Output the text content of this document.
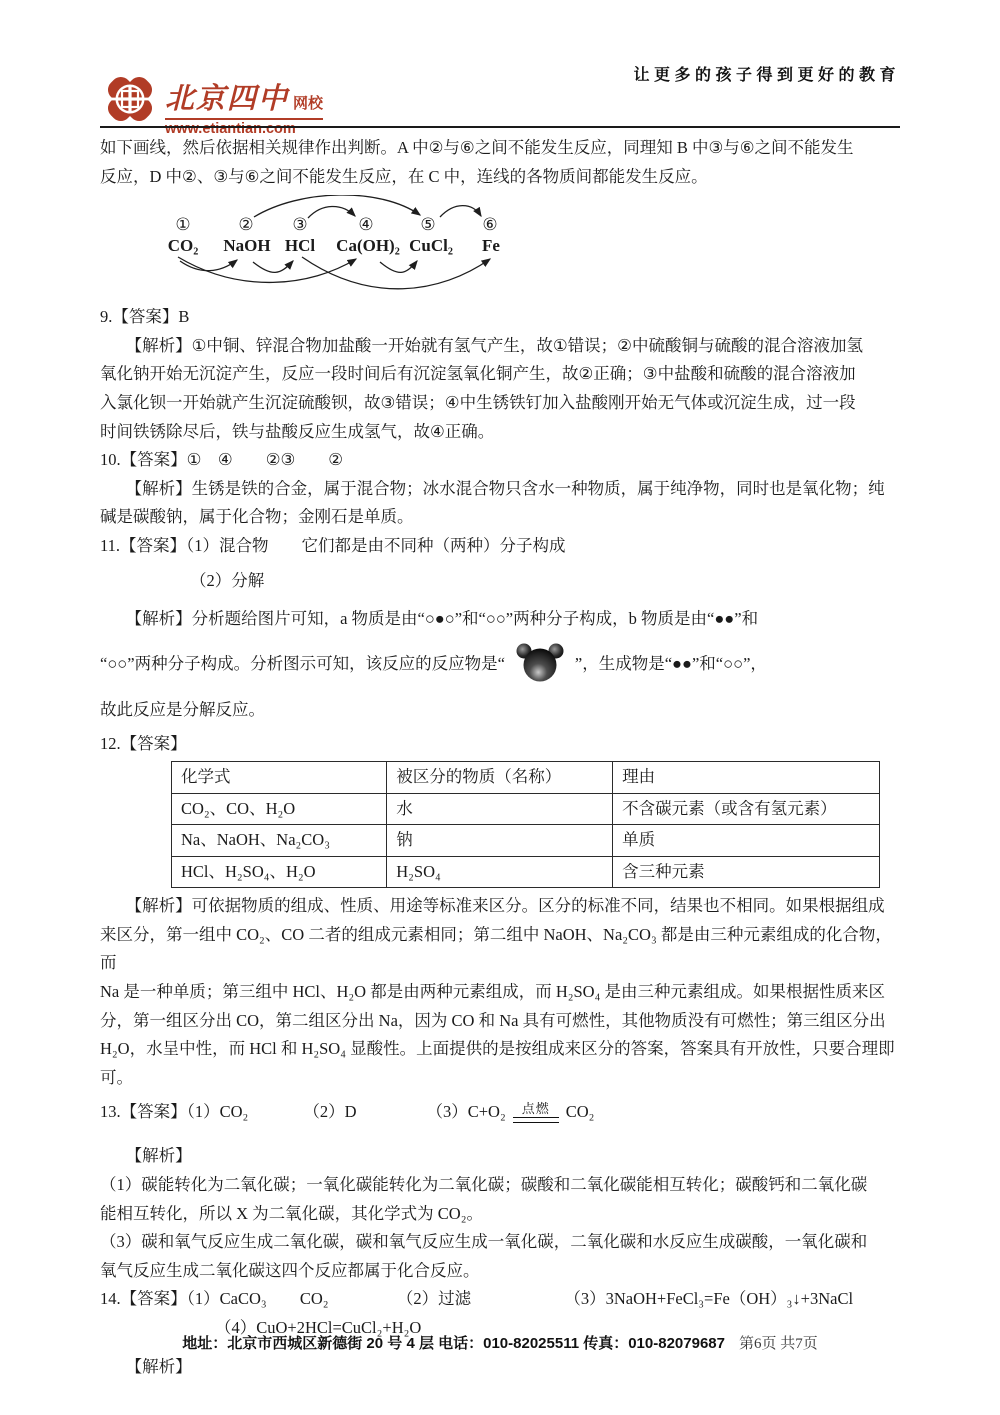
北京四中 网校
www.etiantian.com
让更多的孩子得到更好的教育
如下画线，然后依据相关规律作出判断。A 中②与⑥之间不能发生反应，同理知 B 中③与⑥之间不能发生
反应，D 中②、③与⑥之间不能发生反应，在 C 中，连线的各物质间都能发生反应。
①	② ③	④	⑤	⑥
CO₂ NaOH HCl Ca(OH)₂ CuCl₂ Fe
9.【答案】B
【解析】①中铜、锌混合物加盐酸一开始就有氢气产生，故①错误；②中硫酸铜与硫酸的混合溶液加氢
氧化钠开始无沉淀产生，反应一段时间后有沉淀氢氧化铜产生，故②正确；③中盐酸和硫酸的混合溶液加
入氯化钡一开始就产生沉淀硫酸钡，故③错误；④中生锈铁钉加入盐酸刚开始无气体或沉淀生成，过一段
时间铁锈除尽后，铁与盐酸反应生成氢气，故④正确。
10.【答案】①　④　　②③　　②
【解析】生锈是铁的合金，属于混合物；冰水混合物只含水一种物质，属于纯净物，同时也是氧化物；纯
碱是碳酸钠，属于化合物；金刚石是单质。
11.【答案】（1）混合物　　它们都是由不同种（两种）分子构成
（2）分解
【解析】分析题给图片可知，a 物质是由“○●○”和“○○”两种分子构成，b 物质是由“●●”和
“○○”两种分子构成。分析图示可知，该反应的反应物是“	”，生成物是“●●”和“○○”，
故此反应是分解反应。
12.【答案】
化学式	被区分的物质（名称）	理由
CO₂、CO、H₂O	水	不含碳元素（或含有氢元素）
Na、NaOH、Na₂CO₃	钠	单质
HCl、H₂SO₄、H₂O	H₂SO₄	含三种元素
【解析】可依据物质的组成、性质、用途等标准来区分。区分的标准不同，结果也不相同。如果根据组成
来区分，第一组中 CO₂、CO 二者的组成元素相同；第二组中 NaOH、Na₂CO₃ 都是由三种元素组成的化合物，而
Na 是一种单质；第三组中 HCl、H₂O 都是由两种元素组成，而 H₂SO₄ 是由三种元素组成。如果根据性质来区
分，第一组区分出 CO，第二组区分出 Na，因为 CO 和 Na 具有可燃性，其他物质没有可燃性；第三组区分出
H₂O，水呈中性，而 HCl 和 H₂SO₄ 显酸性。上面提供的是按组成来区分的答案，答案具有开放性，只要合理即
可。
13.【答案】（1）CO₂	（2）D	（3）C+O₂ 点燃 CO₂
【解析】
（1）碳能转化为二氧化碳；一氧化碳能转化为二氧化碳；碳酸和二氧化碳能相互转化；碳酸钙和二氧化碳
能相互转化，所以 X 为二氧化碳，其化学式为 CO₂。
（3）碳和氧气反应生成二氧化碳，碳和氧气反应生成一氧化碳，二氧化碳和水反应生成碳酸，一氧化碳和
氧气反应生成二氧化碳这四个反应都属于化合反应。
14.【答案】（1）CaCO₃ CO₂	（2）过滤	（3）3NaOH+FeCl₃=Fe（OH）₃↓+3NaCl
（4）CuO+2HCl=CuCl₂+H₂O
【解析】
地址：北京市西城区新德街 20 号 4 层 电话：010-82025511 传真：010-82079687 第6页 共7页
